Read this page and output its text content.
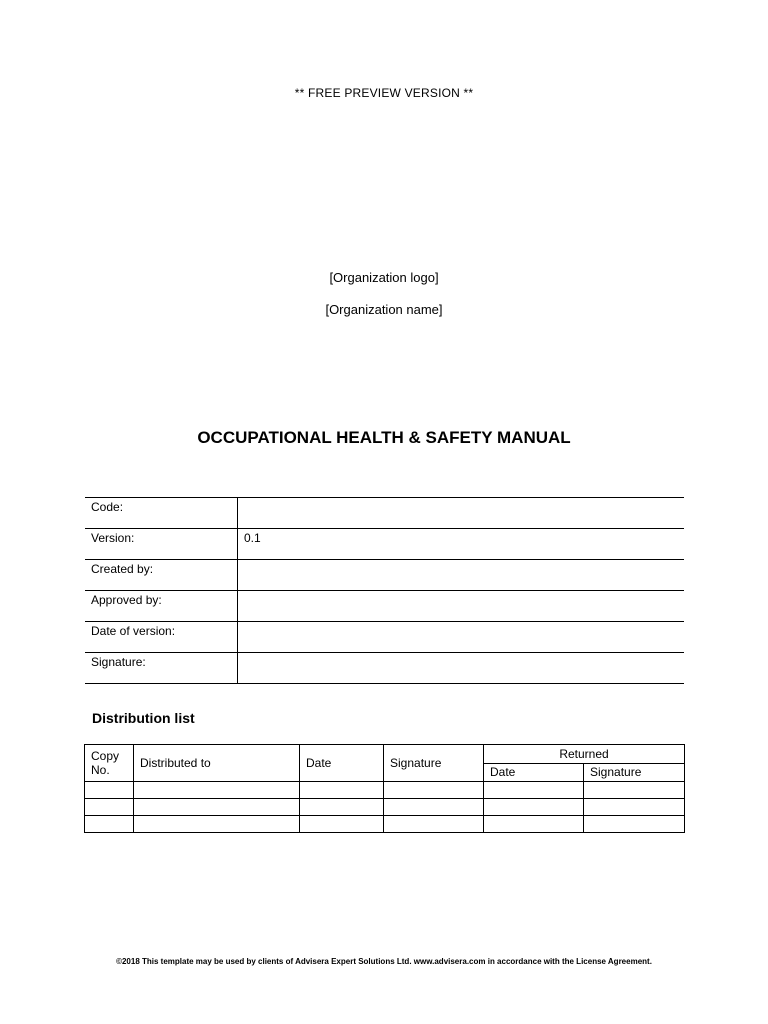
** FREE PREVIEW VERSION **
[Organization logo]
[Organization name]
OCCUPATIONAL HEALTH & SAFETY MANUAL
Code:	
Version:	0.1
Created by:	
Approved by:	
Date of version:	
Signature:	
Distribution list
Copy No.	Distributed to	Date	Signature	Returned	
				Date	Signature

©2018 This template may be used by clients of Advisera Expert Solutions Ltd. www.advisera.com in accordance with the License Agreement.
